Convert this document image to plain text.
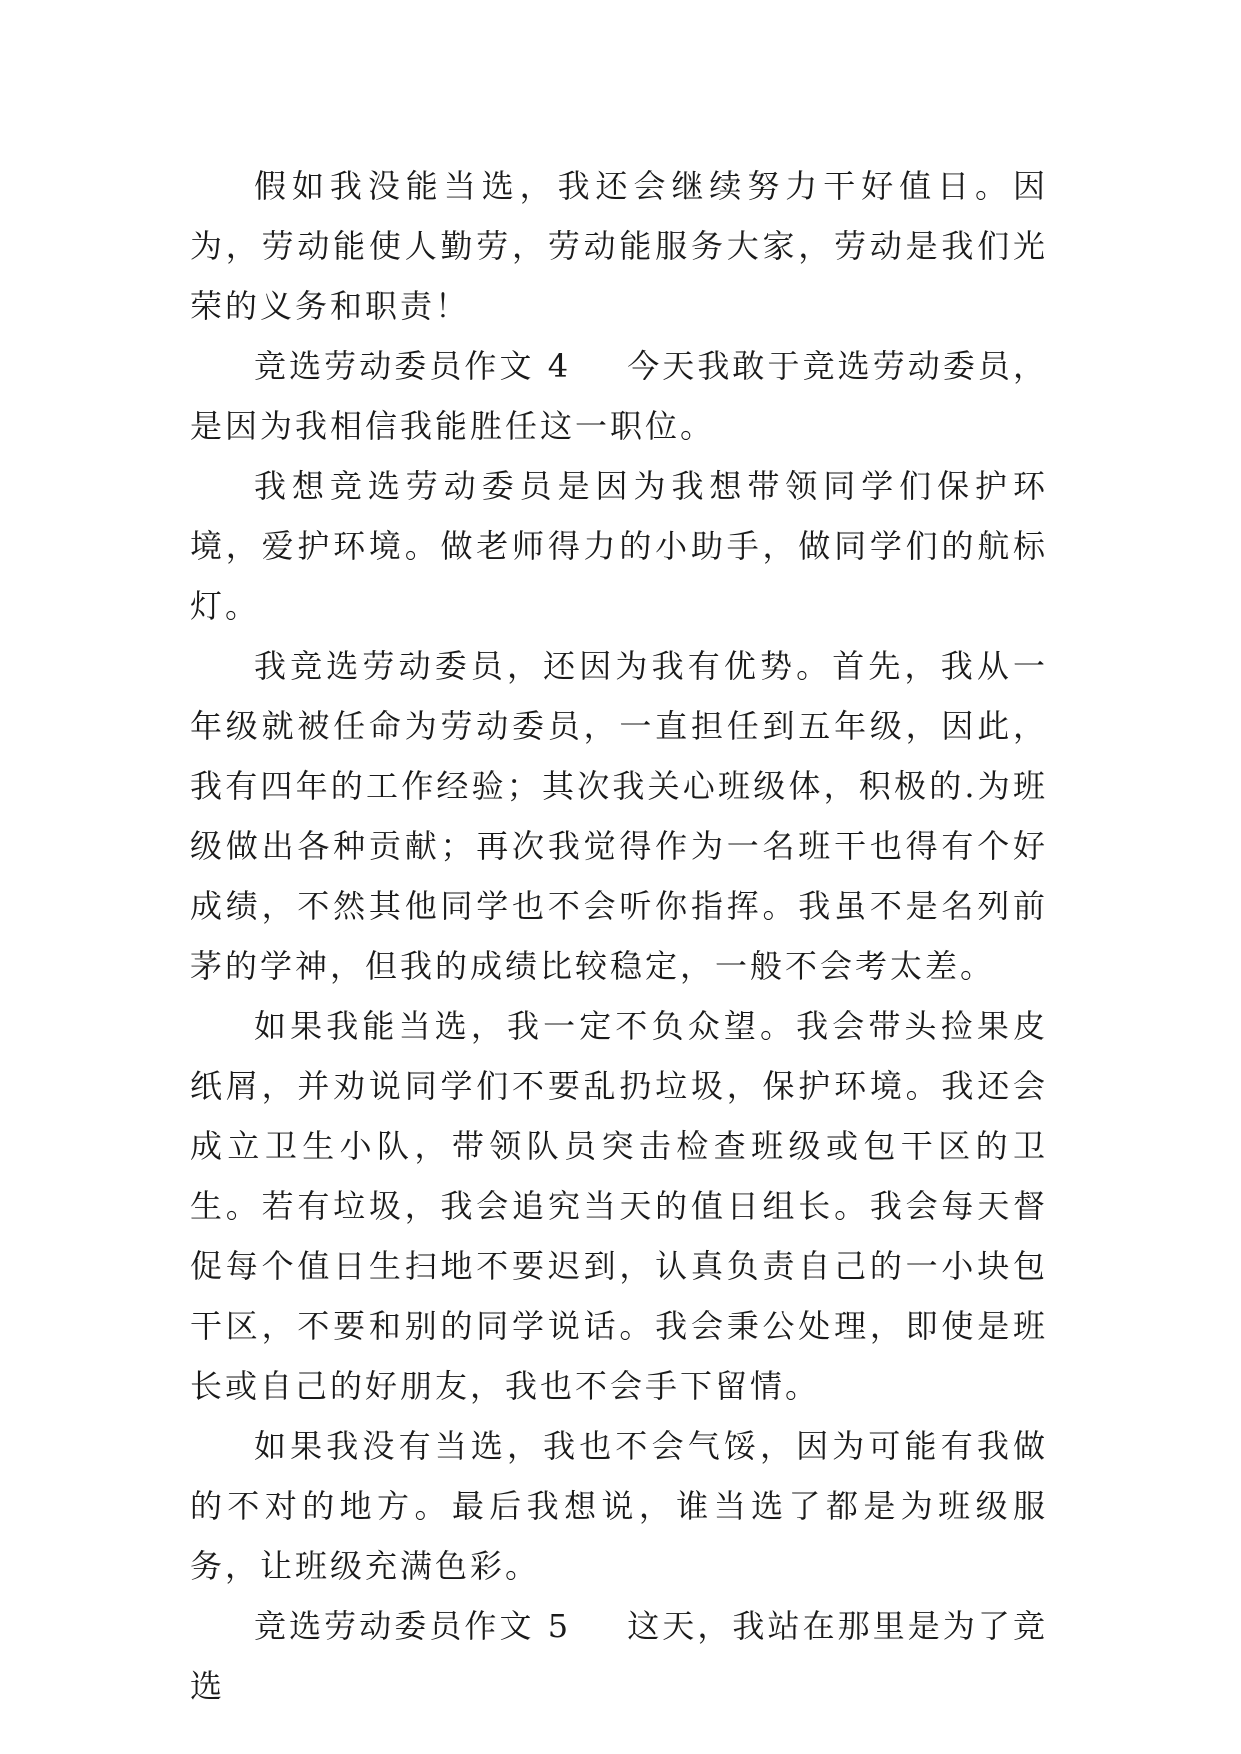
假如我没能当选，我还会继续努力干好值日。因为，劳动能使人勤劳，劳动能服务大家，劳动是我们光荣的义务和职责！

竞选劳动委员作文 4 今天我敢于竞选劳动委员，是因为我相信我能胜任这一职位。

我想竞选劳动委员是因为我想带领同学们保护环境，爱护环境。做老师得力的小助手，做同学们的航标灯。

我竞选劳动委员，还因为我有优势。首先，我从一年级就被任命为劳动委员，一直担任到五年级，因此，我有四年的工作经验；其次我关心班级体，积极的.为班级做出各种贡献；再次我觉得作为一名班干也得有个好成绩，不然其他同学也不会听你指挥。我虽不是名列前茅的学神，但我的成绩比较稳定，一般不会考太差。

如果我能当选，我一定不负众望。我会带头捡果皮纸屑，并劝说同学们不要乱扔垃圾，保护环境。我还会成立卫生小队，带领队员突击检查班级或包干区的卫生。若有垃圾，我会追究当天的值日组长。我会每天督促每个值日生扫地不要迟到，认真负责自己的一小块包干区，不要和别的同学说话。我会秉公处理，即使是班长或自己的好朋友，我也不会手下留情。

如果我没有当选，我也不会气馁，因为可能有我做的不对的地方。最后我想说，谁当选了都是为班级服务，让班级充满色彩。

竞选劳动委员作文 5 这天，我站在那里是为了竞选
